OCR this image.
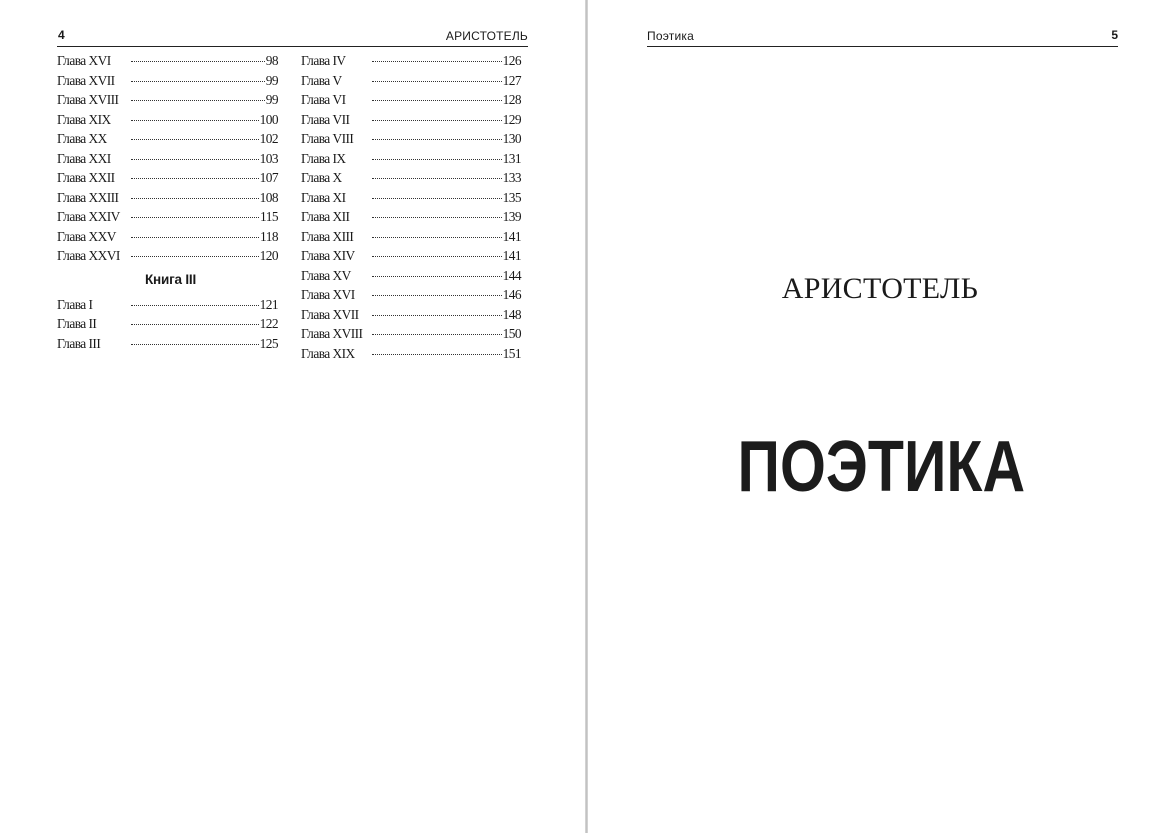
4	АРИСТОТЕЛЬ
Глава XVI	98
Глава XVII	99
Глава XVIII	99
Глава XIX	100
Глава XX	102
Глава XXI	103
Глава XXII	107
Глава XXIII	108
Глава XXIV	115
Глава XXV	118
Глава XXVI	120
Книга III
Глава I	121
Глава II	122
Глава III	125
Глава IV	126
Глава V	127
Глава VI	128
Глава VII	129
Глава VIII	130
Глава IX	131
Глава X	133
Глава XI	135
Глава XII	139
Глава XIII	141
Глава XIV	141
Глава XV	144
Глава XVI	146
Глава XVII	148
Глава XVIII	150
Глава XIX	151
Поэтика	5
АРИСТОТЕЛЬ
ПОЭТИКА
